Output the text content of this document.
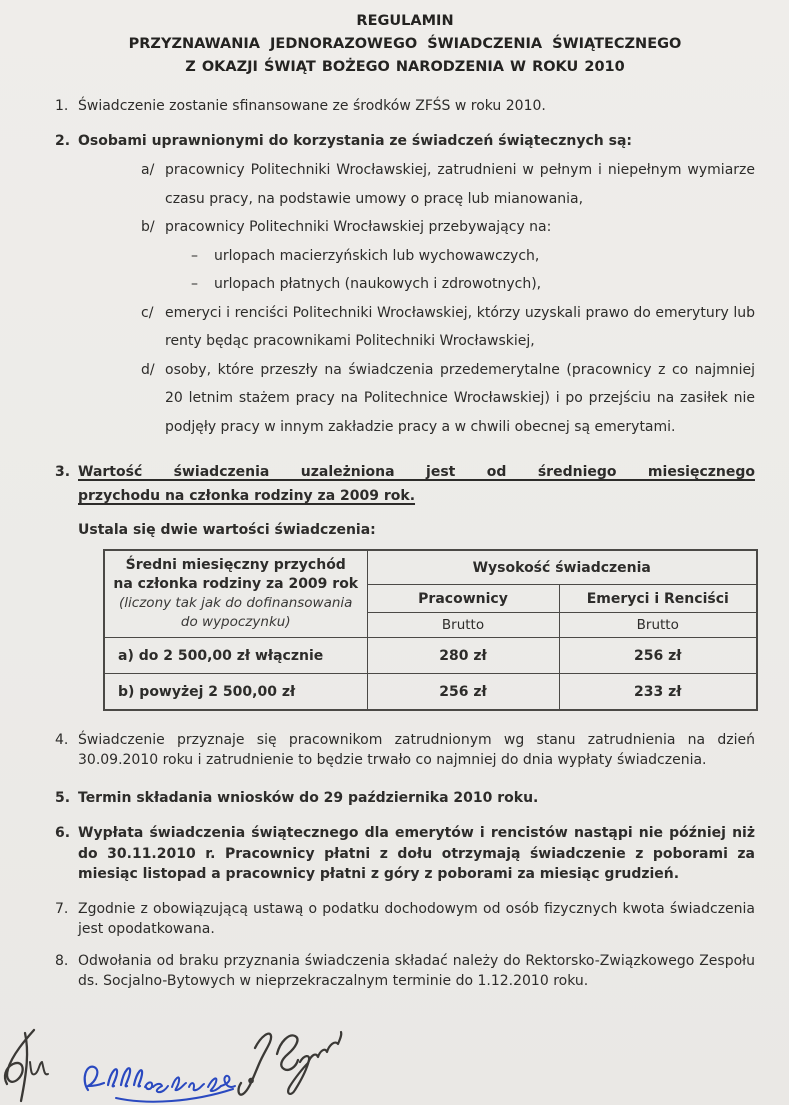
REGULAMIN
PRZYZNAWANIA JEDNORAZOWEGO ŚWIADCZENIA ŚWIĄTECZNEGO
Z OKAZJI ŚWIĄT BOŻEGO NARODZENIA W ROKU 2010
1. Świadczenie zostanie sfinansowane ze środków ZFŚS w roku 2010.
2. Osobami uprawnionymi do korzystania ze świadczeń świątecznych są:
a/ pracownicy Politechniki Wrocławskiej, zatrudnieni w pełnym i niepełnym wymiarze czasu pracy, na podstawie umowy o pracę lub mianowania,
b/ pracownicy Politechniki Wrocławskiej przebywający na:
–	urlopach macierzyńskich lub wychowawczych,
–	urlopach płatnych (naukowych i zdrowotnych),
c/ emeryci i renciści Politechniki Wrocławskiej, którzy uzyskali prawo do emerytury lub renty będąc pracownikami Politechniki Wrocławskiej,
d/ osoby, które przeszły na świadczenia przedemerytalne (pracownicy z co najmniej 20 letnim stażem pracy na Politechnice Wrocławskiej) i po przejściu na zasiłek nie podjęły pracy w innym zakładzie pracy a w chwili obecnej są emerytami.
3. Wartość świadczenia uzależniona jest od średniego miesięcznego
przychodu na członka rodziny za 2009 rok.
Ustala się dwie wartości świadczenia:
Średni miesięczny przychód
na członka rodziny za 2009 rok
(liczony tak jak do dofinansowania
do wypoczynku)	Wysokość świadczenia	
	Pracownicy	Emeryci i Renciści
	Brutto	Brutto
a) do 2 500,00 zł włącznie	280 zł	256 zł
b) powyżej 2 500,00 zł	256 zł	233 zł
4. Świadczenie przyznaje się pracownikom zatrudnionym wg stanu zatrudnienia na dzień 30.09.2010 roku i zatrudnienie to będzie trwało co najmniej do dnia wypłaty świadczenia.
5. Termin składania wniosków do 29 października 2010 roku.
6. Wypłata świadczenia świątecznego dla emerytów i rencistów nastąpi nie później niż do 30.11.2010 r. Pracownicy płatni z dołu otrzymają świadczenie z poborami za miesiąc listopad a pracownicy płatni z góry z poborami za miesiąc grudzień.
7. Zgodnie z obowiązującą ustawą o podatku dochodowym od osób fizycznych kwota świadczenia jest opodatkowana.
8. Odwołania od braku przyznania świadczenia składać należy do Rektorsko-Związkowego Zespołu ds. Socjalno-Bytowych w nieprzekraczalnym terminie do 1.12.2010 roku.
